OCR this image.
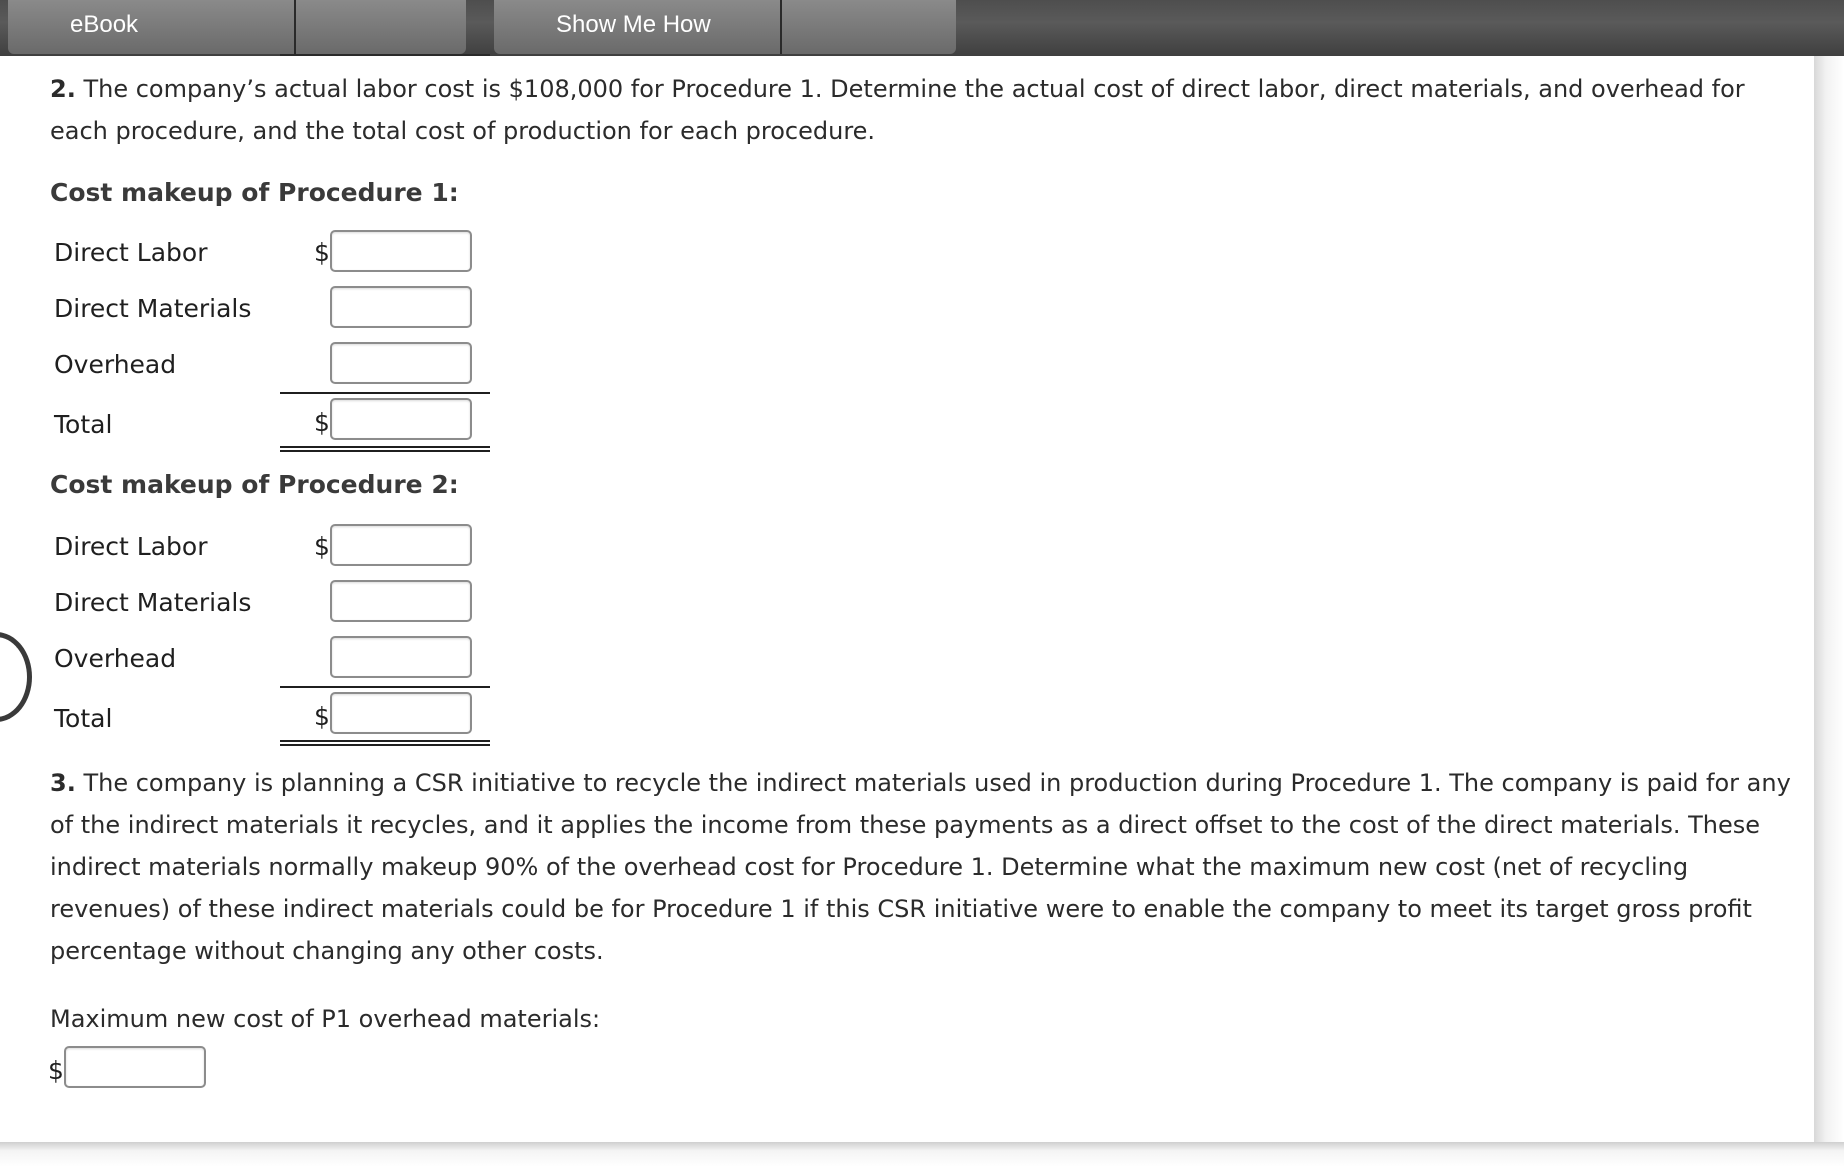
eBook	Show Me How
2. The company’s actual labor cost is $108,000 for Procedure 1. Determine the actual cost of direct labor, direct materials, and overhead for
each procedure, and the total cost of production for each procedure.
Cost makeup of Procedure 1:
Direct Labor	$
Direct Materials
Overhead
Total	$
Cost makeup of Procedure 2:
Direct Labor	$
Direct Materials
Overhead
Total	$
3. The company is planning a CSR initiative to recycle the indirect materials used in production during Procedure 1. The company is paid for any
of the indirect materials it recycles, and it applies the income from these payments as a direct offset to the cost of the direct materials. These
indirect materials normally makeup 90% of the overhead cost for Procedure 1. Determine what the maximum new cost (net of recycling
revenues) of these indirect materials could be for Procedure 1 if this CSR initiative were to enable the company to meet its target gross profit
percentage without changing any other costs.
Maximum new cost of P1 overhead materials:
$
